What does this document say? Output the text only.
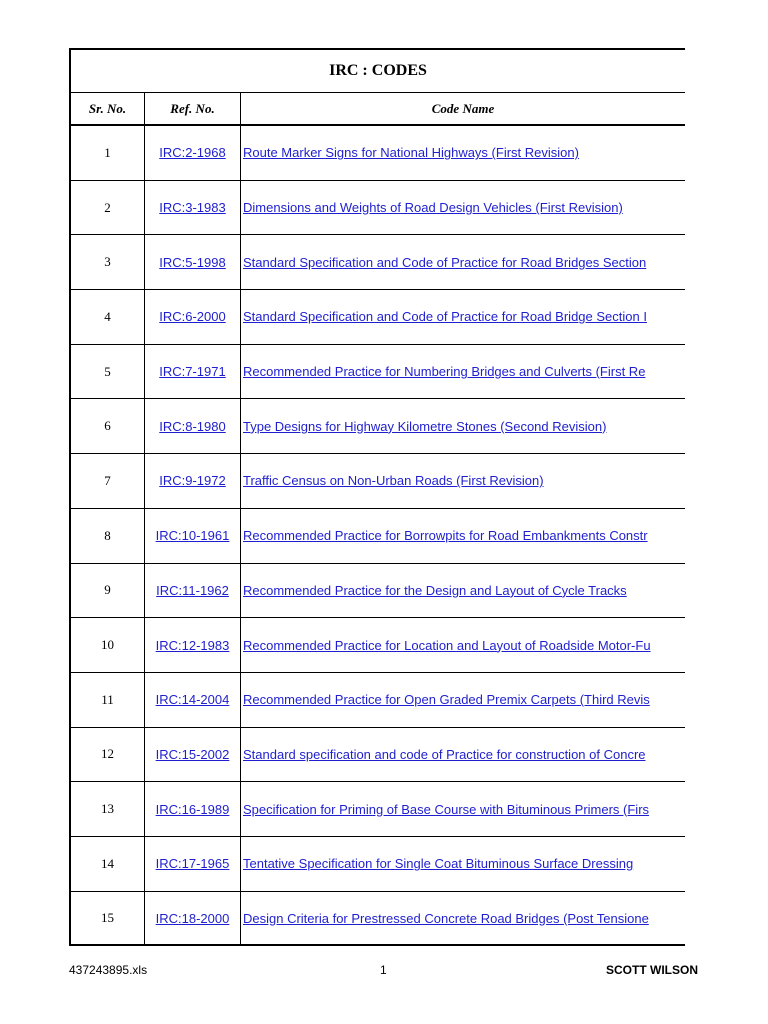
IRC : CODES
Sr. No.	Ref. No.	Code Name
1	IRC:2-1968 Route Marker Signs for National Highways (First Revision)
2	IRC:3-1983 Dimensions and Weights of Road Design Vehicles (First Revision)
3	IRC:5-1998 Standard Specification and Code of Practice for Road Bridges Section
4	IRC:6-2000 Standard Specification and Code of Practice for Road Bridge Section I
5	IRC:7-1971 Recommended Practice for Numbering Bridges and Culverts (First Re
6	IRC:8-1980 Type Designs for Highway Kilometre Stones (Second Revision)
7	IRC:9-1972 Traffic Census on Non-Urban Roads (First Revision)
8	IRC:10-1961 Recommended Practice for Borrowpits for Road Embankments Constr
9	IRC:11-1962 Recommended Practice for the Design and Layout of Cycle Tracks
10	IRC:12-1983 Recommended Practice for Location and Layout of Roadside Motor-Fu
11	IRC:14-2004 Recommended Practice for Open Graded Premix Carpets (Third Revis
12	IRC:15-2002 Standard specification and code of Practice for construction of Concre
13	IRC:16-1989 Specification for Priming of Base Course with Bituminous Primers (Firs
14	IRC:17-1965 Tentative Specification for Single Coat Bituminous Surface Dressing
15	IRC:18-2000 Design Criteria for Prestressed Concrete Road Bridges (Post Tensione
437243895.xls	1	SCOTT WILSON
